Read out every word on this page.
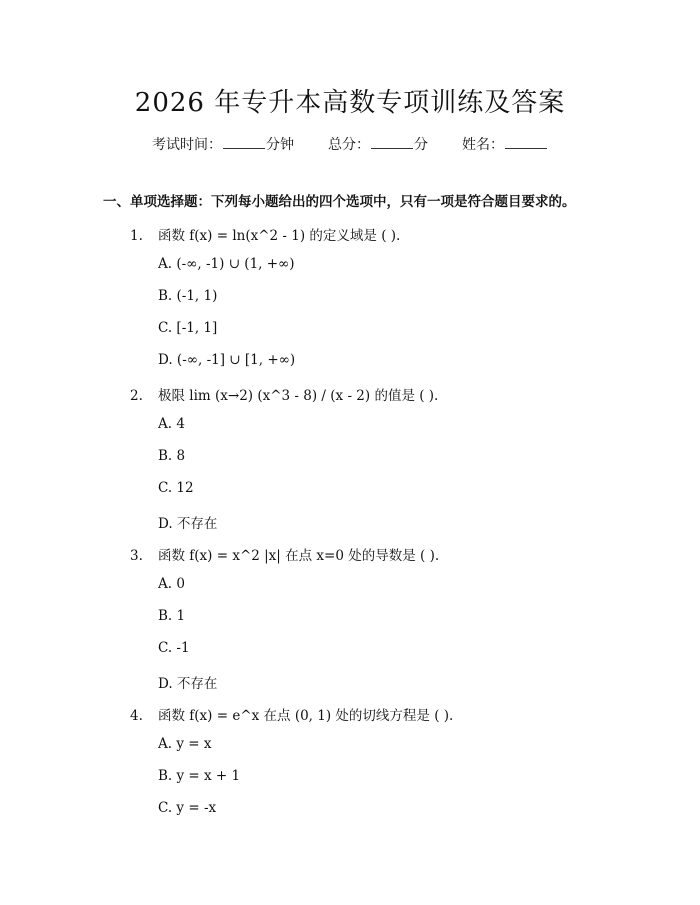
2026 年专升本高数专项训练及答案
考试时间：	分钟 总分：	分 姓名：
一、单项选择题：下列每小题给出的四个选项中，只有一项是符合题目要求的。
1. 函数 f(x) = ln(x^2 - 1) 的定义域是 ( ).
A. (-∞, -1) ∪ (1, +∞)
B. (-1, 1)
C. [-1, 1]
D. (-∞, -1] ∪ [1, +∞)
2. 极限 lim (x→2) (x^3 - 8) / (x - 2) 的值是 ( ).
A. 4
B. 8
C. 12
D. 不存在
3. 函数 f(x) = x^2 |x| 在点 x=0 处的导数是 ( ).
A. 0
B. 1
C. -1
D. 不存在
4. 函数 f(x) = e^x 在点 (0, 1) 处的切线方程是 ( ).
A. y = x
B. y = x + 1
C. y = -x
